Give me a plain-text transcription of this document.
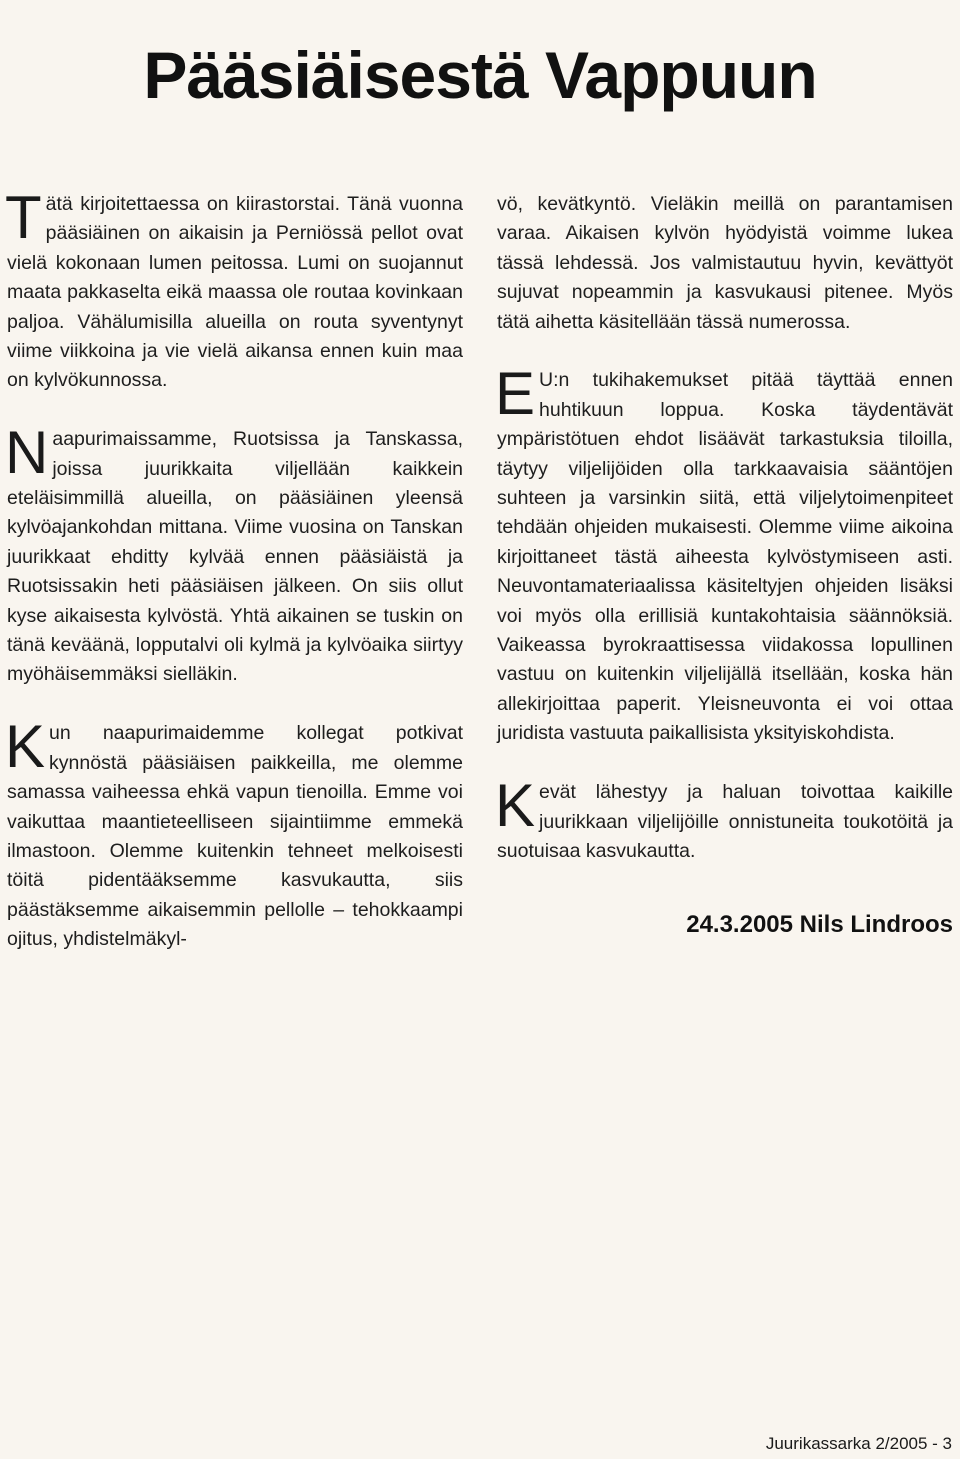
Pääsiäisestä Vappuun

Tätä kirjoitettaessa on kiirastorstai. Tänä vuonna pääsiäinen on aikaisin ja Perniössä pellot ovat vielä kokonaan lumen peitossa. Lumi on suojannut maata pakkaselta eikä maassa ole routaa kovinkaan paljoa. Vähälumisilla alueilla on routa syventynyt viime viikkoina ja vie vielä aikansa ennen kuin maa on kylvökunnossa.

Naapurimaissamme, Ruotsissa ja Tanskassa, joissa juurikkaita viljellään kaikkein eteläisimmillä alueilla, on pääsiäinen yleensä kylvöajankohdan mittana. Viime vuosina on Tanskan juurikkaat ehditty kylvää ennen pääsiäistä ja Ruotsissakin heti pääsiäisen jälkeen. On siis ollut kyse aikaisesta kylvöstä. Yhtä aikainen se tuskin on tänä keväänä, lopputalvi oli kylmä ja kylvöaika siirtyy myöhäisemmäksi sielläkin.

Kun naapurimaidemme kollegat potkivat kynnöstä pääsiäisen paikkeilla, me olemme samassa vaiheessa ehkä vapun tienoilla. Emme voi vaikuttaa maantieteelliseen sijaintiimme emmekä ilmastoon. Olemme kuitenkin tehneet melkoisesti töitä pidentääksemme kasvukautta, siis päästäksemme aikaisemmin pellolle – tehokkaampi ojitus, yhdistelmäkyl-

vö, kevätkyntö. Vieläkin meillä on parantamisen varaa. Aikaisen kylvön hyödyistä voimme lukea tässä lehdessä. Jos valmistautuu hyvin, kevättyöt sujuvat nopeammin ja kasvukausi pitenee. Myös tätä aihetta käsitellään tässä numerossa.

E U:n tukihakemukset pitää täyttää ennen huhtikuun loppua. Koska täydentävät ympäristötuen ehdot lisäävät tarkastuksia tiloilla, täytyy viljelijöiden olla tarkkaavaisia sääntöjen suhteen ja varsinkin siitä, että viljelytoimenpiteet tehdään ohjeiden mukaisesti. Olemme viime aikoina kirjoittaneet tästä aiheesta kylvöstymiseen asti. Neuvontamateriaalissa käsiteltyjen ohjeiden lisäksi voi myös olla erillisiä kuntakohtaisia säännöksiä. Vaikeassa byrokraattisessa viidakossa lopullinen vastuu on kuitenkin viljelijällä itsellään, koska hän allekirjoittaa paperit. Yleisneuvonta ei voi ottaa juridista vastuuta paikallisista yksityiskohdista.

Kevät lähestyy ja haluan toivottaa kaikille juurikkaan viljelijöille onnistuneita toukotöitä ja suotuisaa kasvukautta.

24.3.2005 Nils Lindroos
Juurikassarka 2/2005 - 3
